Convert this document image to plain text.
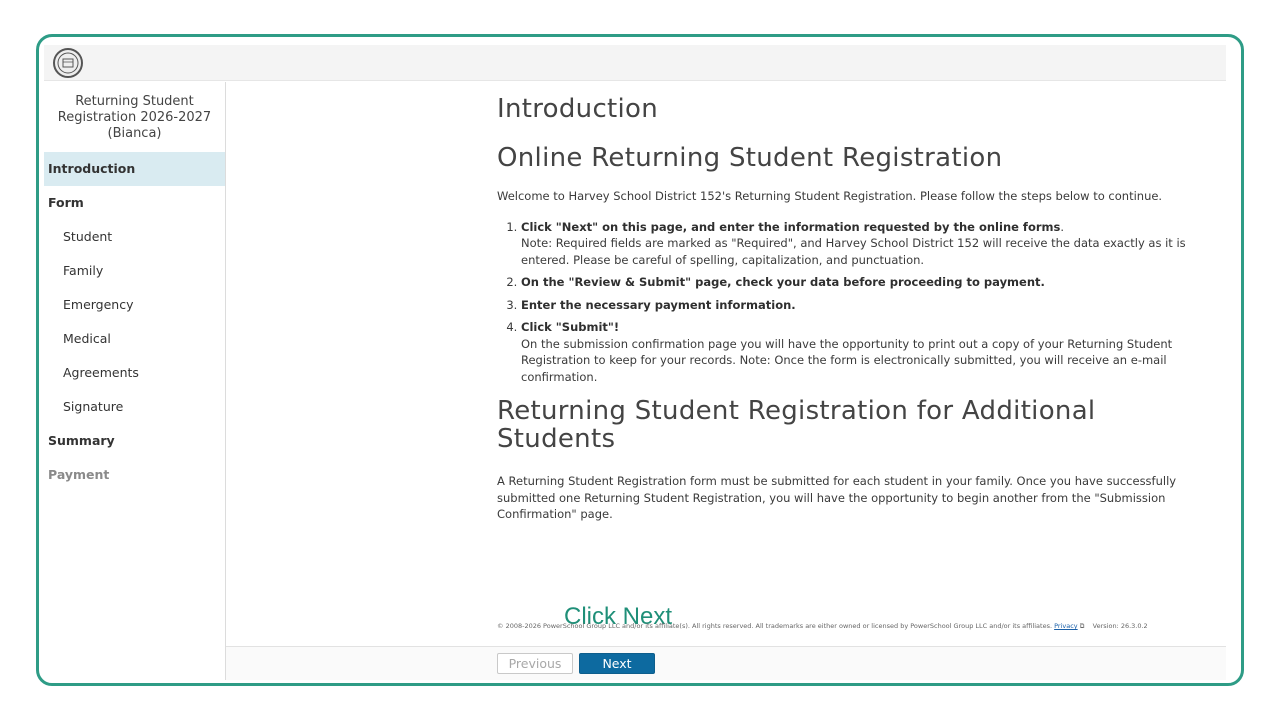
Returning Student Registration 2026-2027 (Bianca)
Introduction
Form
Student
Family
Emergency
Medical
Agreements
Signature
Summary
Payment
Introduction
Online Returning Student Registration
Welcome to Harvey School District 152's Returning Student Registration. Please follow the steps below to continue.
1. Click "Next" on this page, and enter the information requested by the online forms.
Note: Required fields are marked as "Required", and Harvey School District 152 will receive the data exactly as it is entered. Please be careful of spelling, capitalization, and punctuation.
2. On the "Review & Submit" page, check your data before proceeding to payment.
3. Enter the necessary payment information.
4. Click "Submit"!
On the submission confirmation page you will have the opportunity to print out a copy of your Returning Student Registration to keep for your records. Note: Once the form is electronically submitted, you will receive an e-mail confirmation.
Returning Student Registration for Additional Students
A Returning Student Registration form must be submitted for each student in your family. Once you have successfully submitted one Returning Student Registration, you will have the opportunity to begin another from the "Submission Confirmation" page.
Click Next
© 2008-2026 PowerSchool Group LLC and/or its affiliate(s). All rights reserved. All trademarks are either owned or licensed by PowerSchool Group LLC and/or its affiliates. Privacy ⧉ Version: 26.3.0.2
Previous	Next
